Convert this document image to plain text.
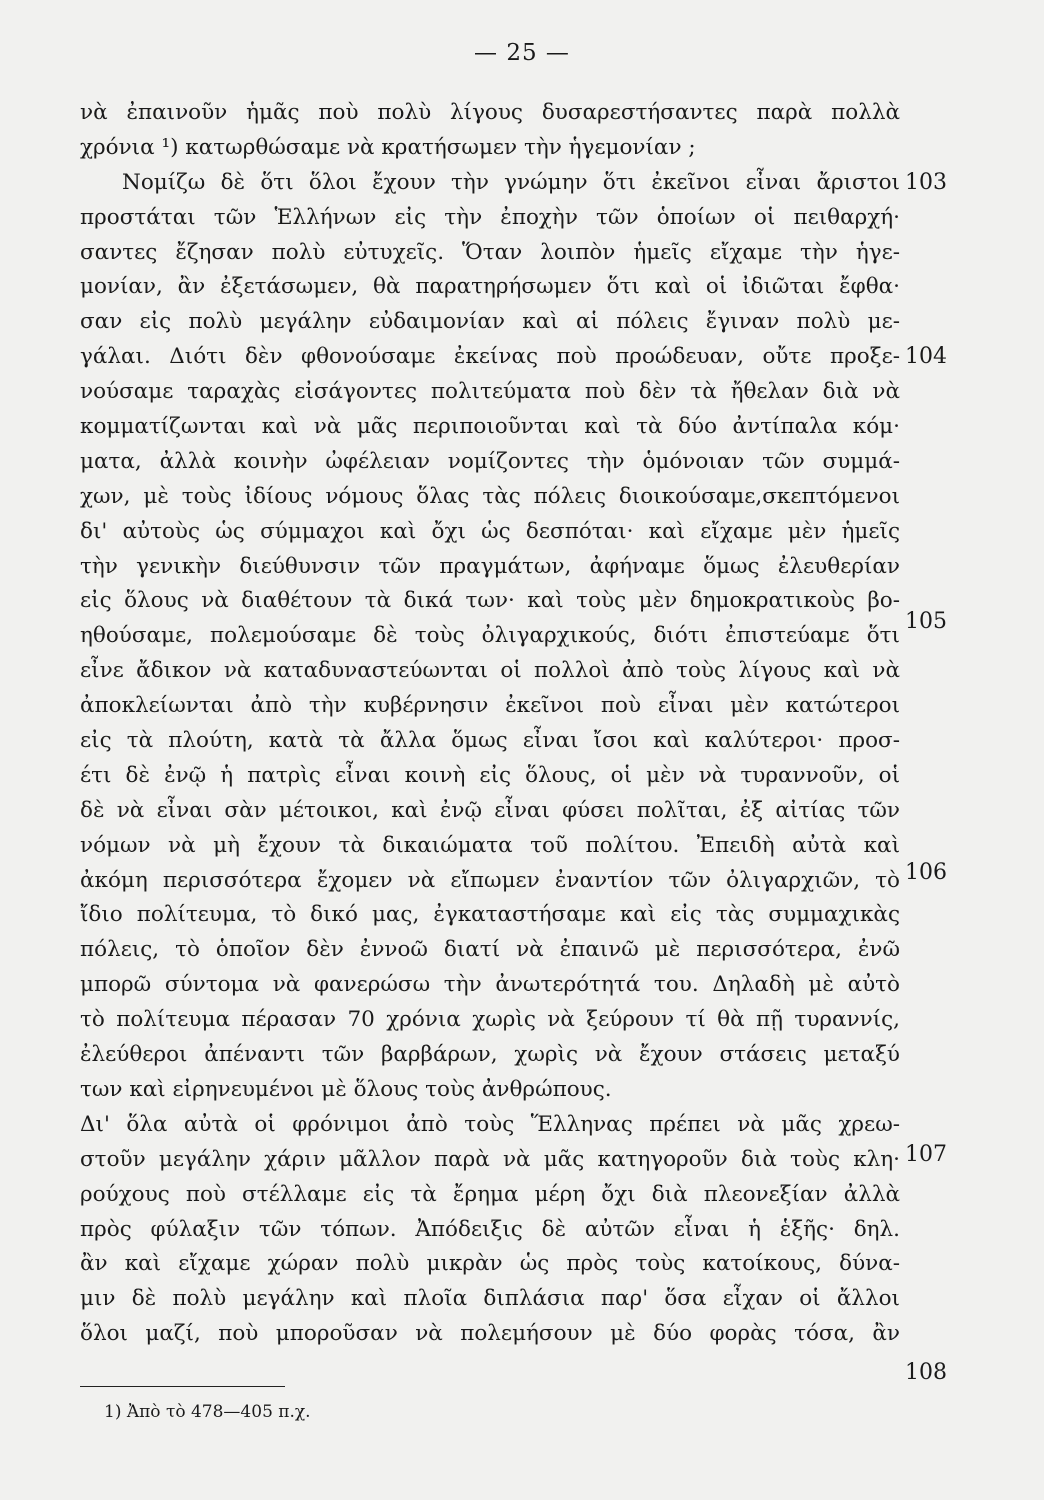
— 25 —
νὰ ἐπαινοῦν ἡμᾶς ποὺ πολὺ λίγους δυσαρεστήσαντες παρὰ πολλὰ
χρόνια ¹) κατωρθώσαμε νὰ κρατήσωμεν τὴν ἡγεμονίαν ;
Νομίζω δὲ ὅτι ὅλοι ἔχουν τὴν γνώμην ὅτι ἐκεῖνοι εἶναι ἄριστοι
προστάται τῶν Ἑλλήνων εἰς τὴν ἐποχὴν τῶν ὁποίων οἱ πειθαρχή·
σαντες ἔζησαν πολὺ εὐτυχεῖς. Ὅταν λοιπὸν ἡμεῖς εἴχαμε τὴν ἡγε-
μονίαν, ἂν ἐξετάσωμεν, θὰ παρατηρήσωμεν ὅτι καὶ οἱ ἰδιῶται ἔφθα·
σαν εἰς πολὺ μεγάλην εὐδαιμονίαν καὶ αἱ πόλεις ἔγιναν πολὺ με-
γάλαι. Διότι δὲν φθονούσαμε ἐκείνας ποὺ προώδευαν, οὔτε προξε-
νούσαμε ταραχὰς εἰσάγοντες πολιτεύματα ποὺ δὲν τὰ ἤθελαν διὰ νὰ
κομματίζωνται καὶ νὰ μᾶς περιποιοῦνται καὶ τὰ δύο ἀντίπαλα κόμ·
ματα, ἀλλὰ κοινὴν ὠφέλειαν νομίζοντες τὴν ὁμόνοιαν τῶν συμμά-
χων, μὲ τοὺς ἰδίους νόμους ὅλας τὰς πόλεις διοικούσαμε,σκεπτόμενοι
δι' αὐτοὺς ὡς σύμμαχοι καὶ ὄχι ὡς δεσπόται· καὶ εἴχαμε μὲν ἡμεῖς
τὴν γενικὴν διεύθυνσιν τῶν πραγμάτων, ἀφήναμε ὅμως ἐλευθερίαν
εἰς ὅλους νὰ διαθέτουν τὰ δικά των· καὶ τοὺς μὲν δημοκρατικοὺς βο-
ηθούσαμε, πολεμούσαμε δὲ τοὺς ὀλιγαρχικούς, διότι ἐπιστεύαμε ὅτι
εἶνε ἄδικον νὰ καταδυναστεύωνται οἱ πολλοὶ ἀπὸ τοὺς λίγους καὶ νὰ
ἀποκλείωνται ἀπὸ τὴν κυβέρνησιν ἐκεῖνοι ποὺ εἶναι μὲν κατώτεροι
εἰς τὰ πλούτη, κατὰ τὰ ἄλλα ὅμως εἶναι ἴσοι καὶ καλύτεροι· προσ-
έτι δὲ ἐνῷ ἡ πατρὶς εἶναι κοινὴ εἰς ὅλους, οἱ μὲν νὰ τυραννοῦν, οἱ
δὲ νὰ εἶναι σὰν μέτοικοι, καὶ ἐνῷ εἶναι φύσει πολῖται, ἐξ αἰτίας τῶν
νόμων νὰ μὴ ἔχουν τὰ δικαιώματα τοῦ πολίτου. Ἐπειδὴ αὐτὰ καὶ
ἀκόμη περισσότερα ἔχομεν νὰ εἴπωμεν ἐναντίον τῶν ὀλιγαρχιῶν, τὸ
ἴδιο πολίτευμα, τὸ δικό μας, ἐγκαταστήσαμε καὶ εἰς τὰς συμμαχικὰς
πόλεις, τὸ ὁποῖον δὲν ἐννοῶ διατί νὰ ἐπαινῶ μὲ περισσότερα, ἐνῶ
μπορῶ σύντομα νὰ φανερώσω τὴν ἀνωτερότητά του. Δηλαδὴ μὲ αὐτὸ
τὸ πολίτευμα πέρασαν 70 χρόνια χωρὶς νὰ ξεύρουν τί θὰ πῇ τυραννίς,
ἐλεύθεροι ἀπέναντι τῶν βαρβάρων, χωρὶς νὰ ἔχουν στάσεις μεταξύ
των καὶ εἰρηνευμένοι μὲ ὅλους τοὺς ἀνθρώπους.
Δι' ὅλα αὐτὰ οἱ φρόνιμοι ἀπὸ τοὺς Ἕλληνας πρέπει νὰ μᾶς χρεω-
στοῦν μεγάλην χάριν μᾶλλον παρὰ νὰ μᾶς κατηγοροῦν διὰ τοὺς κλη·
ρούχους ποὺ στέλλαμε εἰς τὰ ἔρημα μέρη ὄχι διὰ πλεονεξίαν ἀλλὰ
πρὸς φύλαξιν τῶν τόπων. Ἀπόδειξις δὲ αὐτῶν εἶναι ἡ ἑξῆς· δηλ.
ἂν καὶ εἴχαμε χώραν πολὺ μικρὰν ὡς πρὸς τοὺς κατοίκους, δύνα-
μιν δὲ πολὺ μεγάλην καὶ πλοῖα διπλάσια παρ' ὅσα εἶχαν οἱ ἄλλοι
ὅλοι μαζί, ποὺ μποροῦσαν νὰ πολεμήσουν μὲ δύο φορὰς τόσα, ἂν
103
104
105
106
107
108
1) Ἀπὸ τὸ 478—405 π.χ.
